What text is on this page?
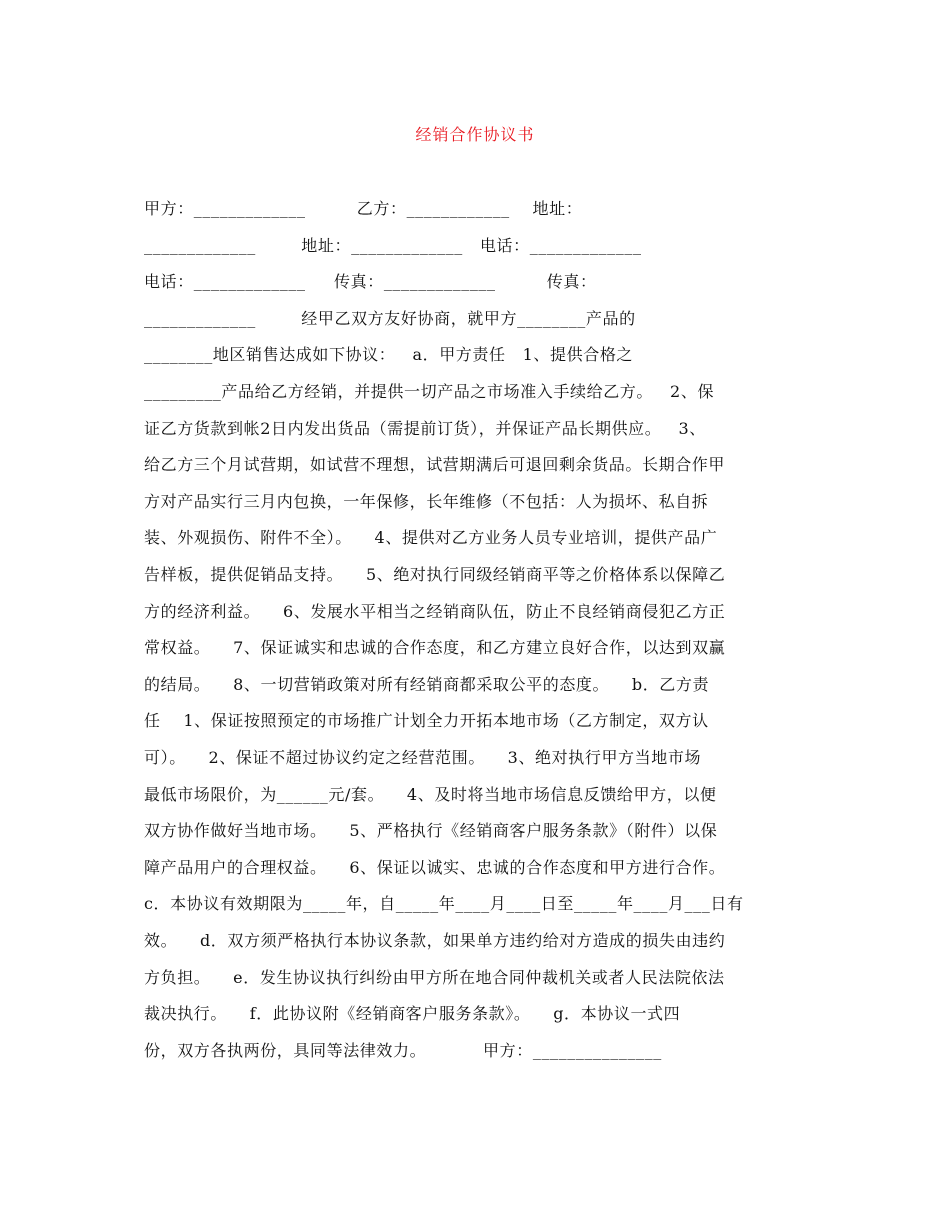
经销合作协议书
甲方：_____________         乙方：____________    地址：
_____________        地址：_____________   电话：_____________
电话：_____________     传真：_____________         传真：
_____________        经甲乙双方友好协商，就甲方________产品的
________地区销售达成如下协议：   a．甲方责任   1、提供合格之
_________产品给乙方经销，并提供一切产品之市场准入手续给乙方。   2、保
证乙方货款到帐2日内发出货品（需提前订货），并保证产品长期供应。   3、
给乙方三个月试营期，如试营不理想，试营期满后可退回剩余货品。长期合作甲
方对产品实行三月内包换，一年保修，长年维修（不包括：人为损坏、私自拆
装、外观损伤、附件不全）。    4、提供对乙方业务人员专业培训，提供产品广
告样板，提供促销品支持。    5、绝对执行同级经销商平等之价格体系以保障乙
方的经济利益。    6、发展水平相当之经销商队伍，防止不良经销商侵犯乙方正
常权益。    7、保证诚实和忠诚的合作态度，和乙方建立良好合作，以达到双赢
的结局。    8、一切营销政策对所有经销商都采取公平的态度。    b．乙方责
任    1、保证按照预定的市场推广计划全力开拓本地市场（乙方制定，双方认
可）。    2、保证不超过协议约定之经营范围。    3、绝对执行甲方当地市场
最低市场限价，为______元/套。    4、及时将当地市场信息反馈给甲方，以便
双方协作做好当地市场。    5、严格执行《经销商客户服务条款》（附件）以保
障产品用户的合理权益。    6、保证以诚实、忠诚的合作态度和甲方进行合作。
c．本协议有效期限为_____年，自_____年____月____日至_____年____月___日有
效。    d．双方须严格执行本协议条款，如果单方违约给对方造成的损失由违约
方负担。    e．发生协议执行纠纷由甲方所在地合同仲裁机关或者人民法院依法
裁决执行。    f．此协议附《经销商客户服务条款》。    g．本协议一式四
份，双方各执两份，具同等法律效力。          甲方：_______________
